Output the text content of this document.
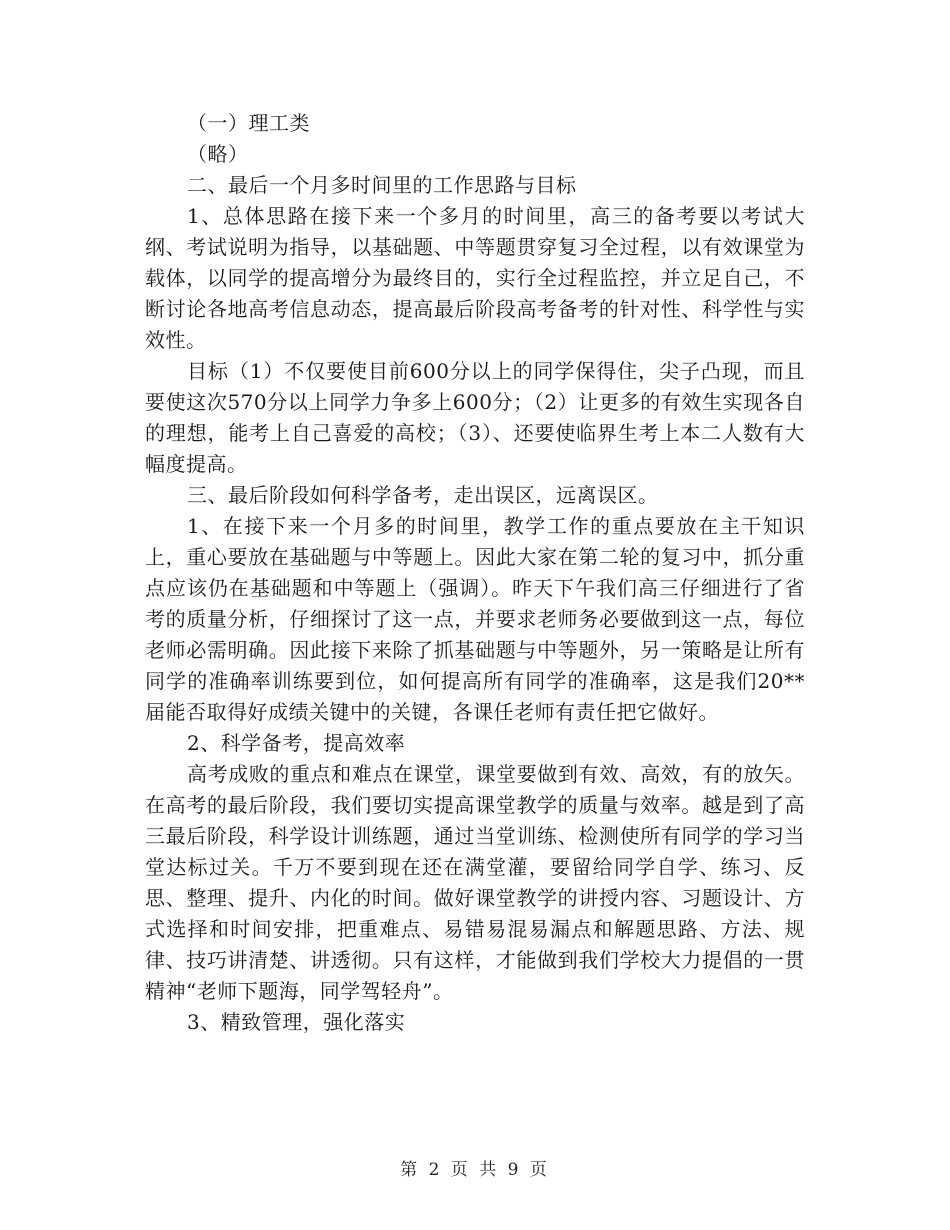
（一）理工类

（略）

二、最后一个月多时间里的工作思路与目标

1、总体思路在接下来一个多月的时间里，高三的备考要以考试大纲、考试说明为指导，以基础题、中等题贯穿复习全过程，以有效课堂为载体，以同学的提高增分为最终目的，实行全过程监控，并立足自己，不断讨论各地高考信息动态，提高最后阶段高考备考的针对性、科学性与实效性。

目标（1）不仅要使目前600分以上的同学保得住，尖子凸现，而且要使这次570分以上同学力争多上600分；（2）让更多的有效生实现各自的理想，能考上自己喜爱的高校；（3）、还要使临界生考上本二人数有大幅度提高。

三、最后阶段如何科学备考，走出误区，远离误区。

1、在接下来一个月多的时间里，教学工作的重点要放在主干知识上，重心要放在基础题与中等题上。因此大家在第二轮的复习中，抓分重点应该仍在基础题和中等题上（强调）。昨天下午我们高三仔细进行了省考的质量分析，仔细探讨了这一点，并要求老师务必要做到这一点，每位老师必需明确。因此接下来除了抓基础题与中等题外，另一策略是让所有同学的准确率训练要到位，如何提高所有同学的准确率，这是我们20**届能否取得好成绩关键中的关键，各课任老师有责任把它做好。

2、科学备考，提高效率

高考成败的重点和难点在课堂，课堂要做到有效、高效，有的放矢。在高考的最后阶段，我们要切实提高课堂教学的质量与效率。越是到了高三最后阶段，科学设计训练题，通过当堂训练、检测使所有同学的学习当堂达标过关。千万不要到现在还在满堂灌，要留给同学自学、练习、反思、整理、提升、内化的时间。做好课堂教学的讲授内容、习题设计、方式选择和时间安排，把重难点、易错易混易漏点和解题思路、方法、规律、技巧讲清楚、讲透彻。只有这样，才能做到我们学校大力提倡的一贯精神“老师下题海，同学驾轻舟”。

3、精致管理，强化落实

第 2 页 共 9 页
